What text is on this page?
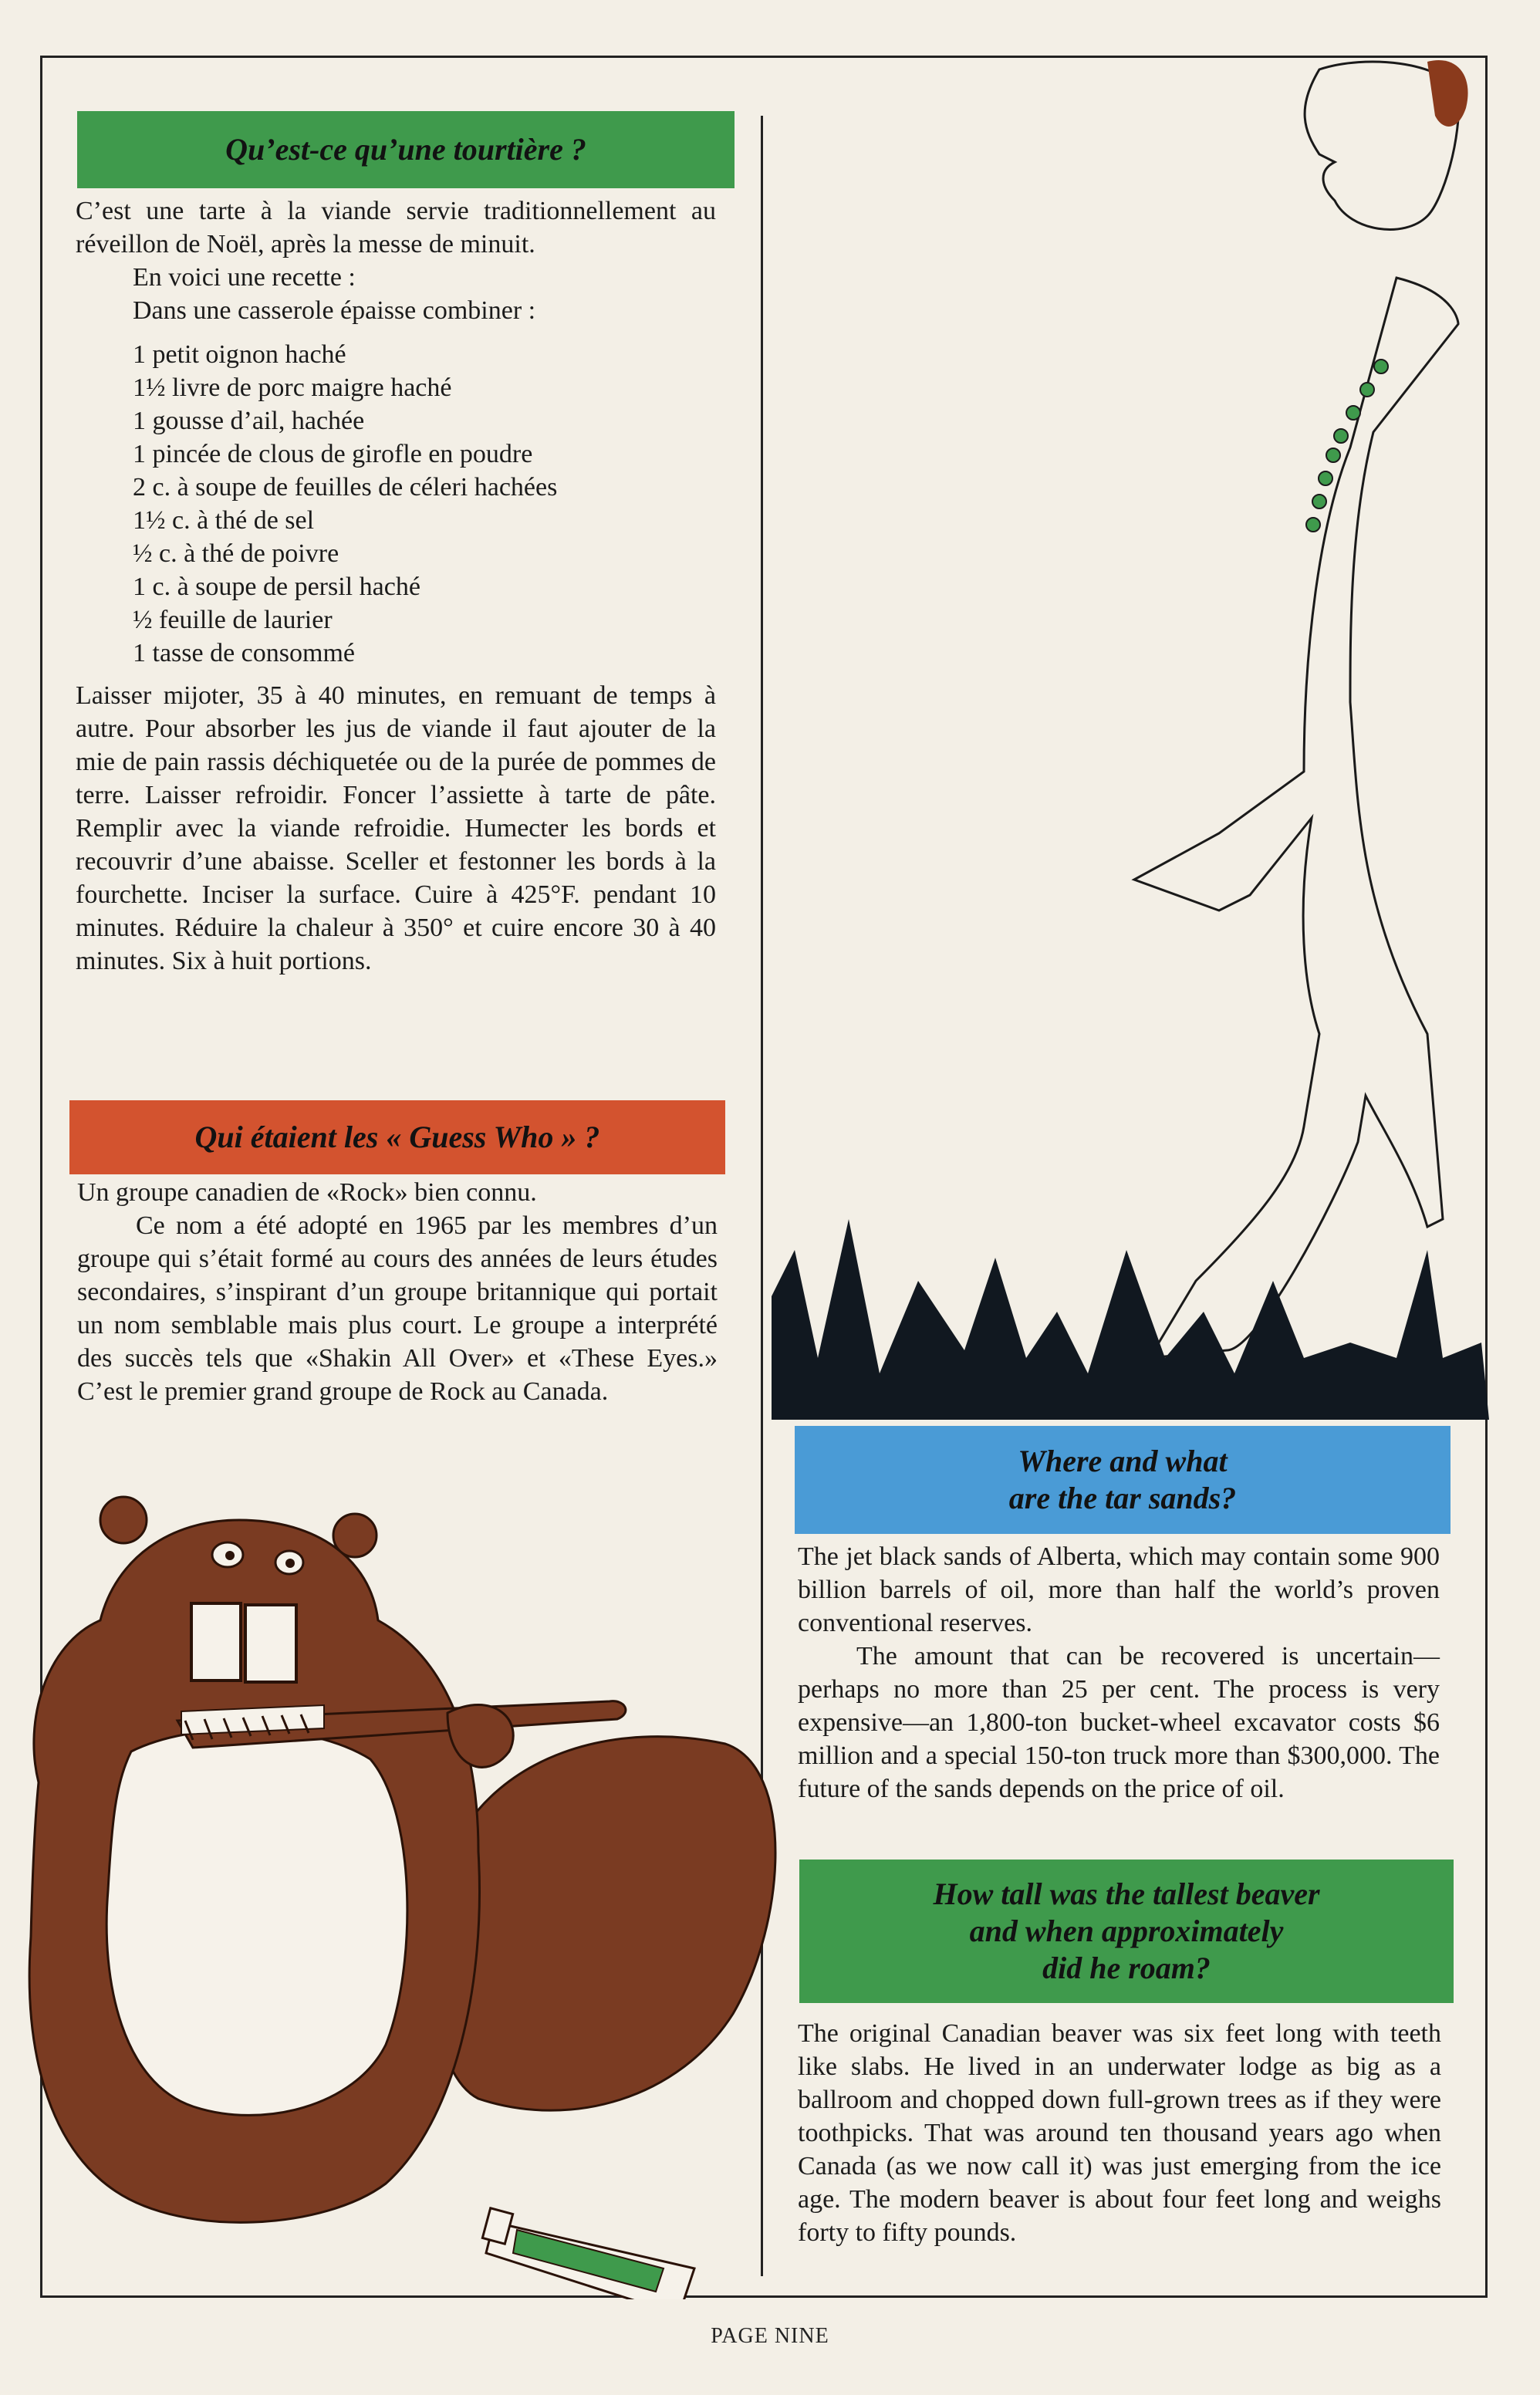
Qu’est-ce qu’une tourtière ?

C’est une tarte à la viande servie traditionnellement au réveillon de Noël, après la messe de minuit.

En voici une recette :
Dans une casserole épaisse combiner :
1 petit oignon haché
1½ livre de porc maigre haché
1 gousse d’ail, hachée
1 pincée de clous de girofle en poudre
2 c. à soupe de feuilles de céleri hachées
1½ c. à thé de sel
½ c. à thé de poivre
1 c. à soupe de persil haché
½ feuille de laurier
1 tasse de consommé

Laisser mijoter, 35 à 40 minutes, en remuant de temps à autre. Pour absorber les jus de viande il faut ajouter de la mie de pain rassis déchiquetée ou de la purée de pommes de terre. Laisser refroidir. Foncer l’assiette à tarte de pâte. Remplir avec la viande refroidie. Humecter les bords et recouvrir d’une abaisse. Sceller et festonner les bords à la fourchette. Inciser la surface. Cuire à 425°F. pendant 10 minutes. Réduire la chaleur à 350° et cuire encore 30 à 40 minutes. Six à huit portions.

Qui étaient les « Guess Who » ?

Un groupe canadien de «Rock» bien connu.

Ce nom a été adopté en 1965 par les membres d’un groupe qui s’était formé au cours des années de leurs études secondaires, s’inspirant d’un groupe britannique qui portait un nom semblable mais plus court. Le groupe a interprété des succès tels que «Shakin All Over» et «These Eyes.» C’est le premier grand groupe de Rock au Canada.

Where and what
are the tar sands?

The jet black sands of Alberta, which may contain some 900 billion barrels of oil, more than half the world’s proven conventional reserves.

The amount that can be recovered is uncertain—perhaps no more than 25 per cent. The process is very expensive—an 1,800-ton bucket-wheel excavator costs $6 million and a special 150-ton truck more than $300,000. The future of the sands depends on the price of oil.

How tall was the tallest beaver
and when approximately
did he roam?

The original Canadian beaver was six feet long with teeth like slabs. He lived in an underwater lodge as big as a ballroom and chopped down full-grown trees as if they were toothpicks. That was around ten thousand years ago when Canada (as we now call it) was just emerging from the ice age. The modern beaver is about four feet long and weighs forty to fifty pounds.

PAGE NINE
